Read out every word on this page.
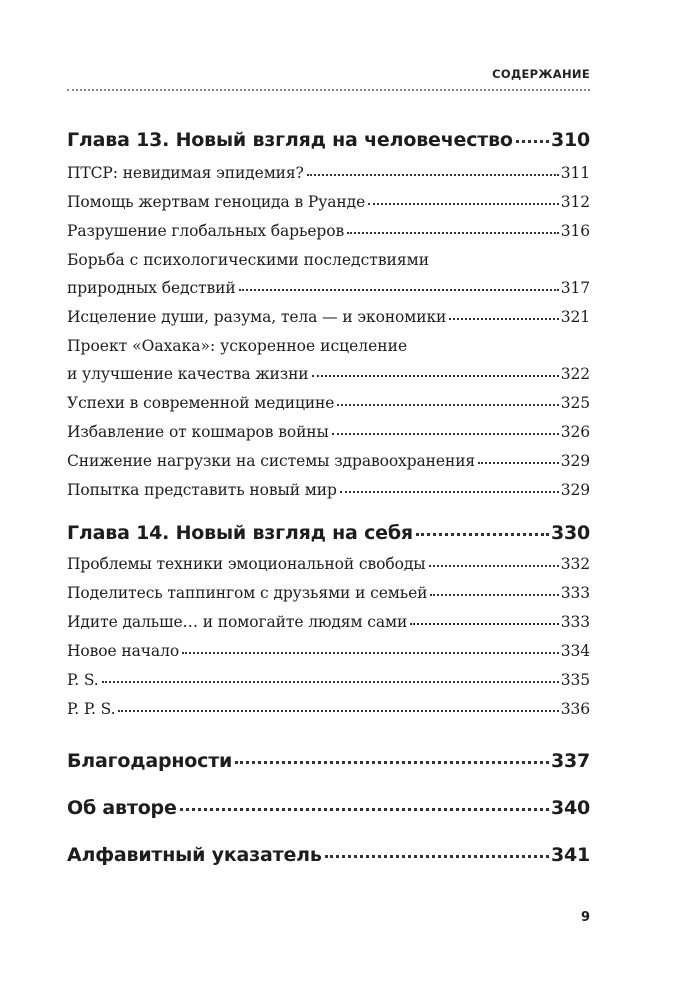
СОДЕРЖАНИЕ
Глава 13. Новый взгляд на человечество 310
ПТСР: невидимая эпидемия?	311
Помощь жертвам геноцида в Руанде	312
Разрушение глобальных барьеров	316
Борьба с психологическими последствиями
природных бедствий	317
Исцеление души, разума, тела — и экономики	321
Проект «Оахака»: ускоренное исцеление
и улучшение качества жизни	322
Успехи в современной медицине	325
Избавление от кошмаров войны	326
Снижение нагрузки на системы здравоохранения	329
Попытка представить новый мир	329
Глава 14. Новый взгляд на себя	330
Проблемы техники эмоциональной свободы	332
Поделитесь таппингом с друзьями и семьей	333
Идите дальше… и помогайте людям сами	333
Новое начало	334
P. S.	335
P. P. S.	336
Благодарности	337
Об авторе	340
Алфавитный указатель	341
9
